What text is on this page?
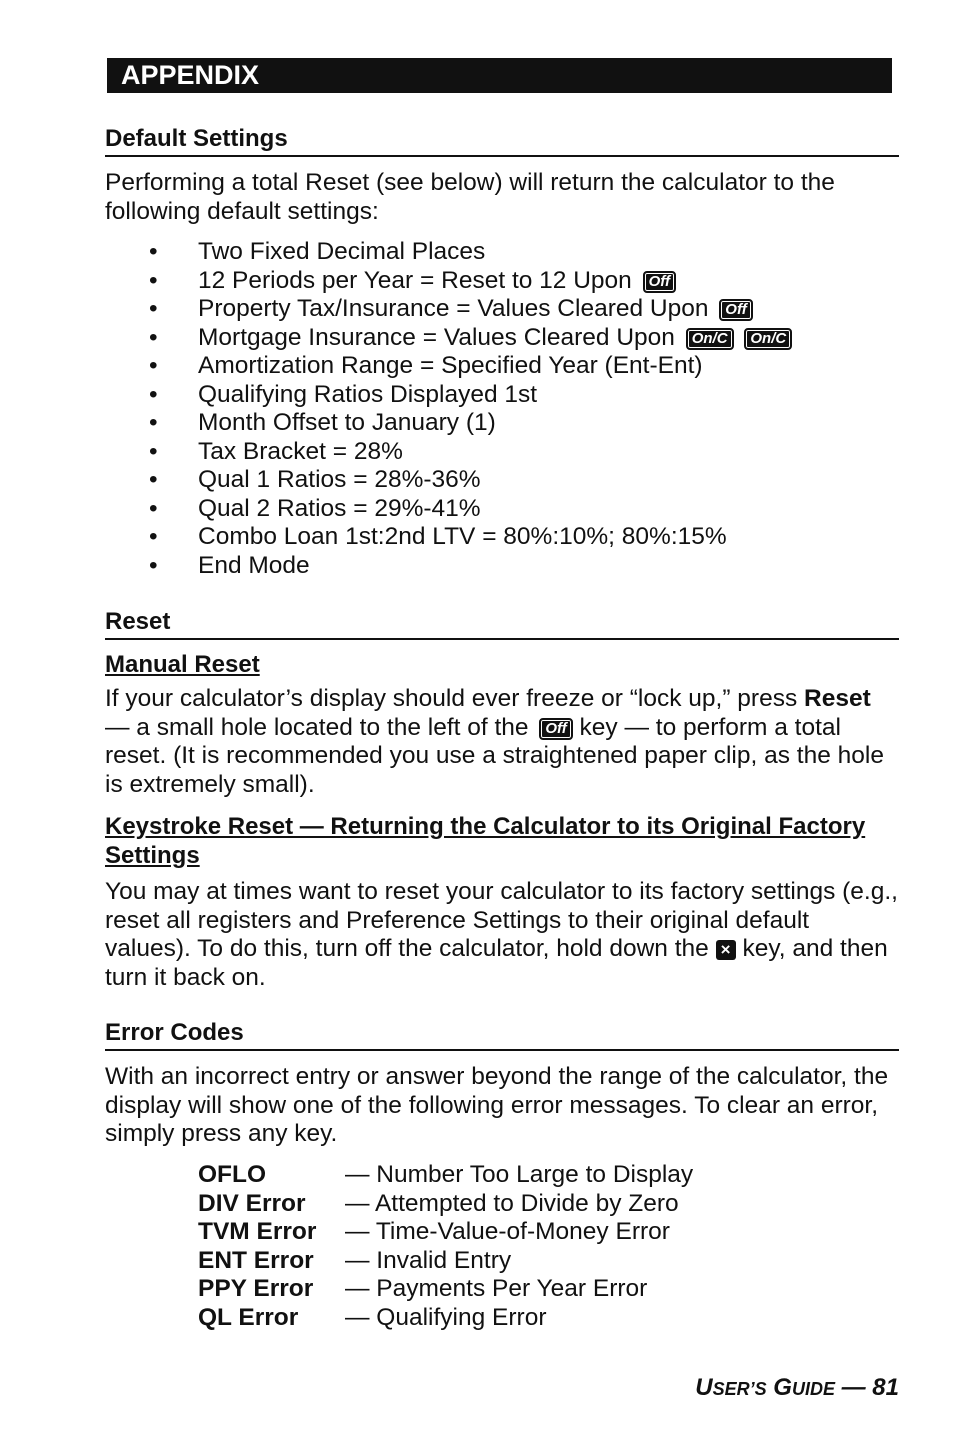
APPENDIX
Default Settings
Performing a total Reset (see below) will return the calculator to the following default settings:
• Two Fixed Decimal Places
• 12 Periods per Year = Reset to 12 Upon Off
• Property Tax/Insurance = Values Cleared Upon Off
• Mortgage Insurance = Values Cleared Upon On/C On/C
• Amortization Range = Specified Year (Ent-Ent)
• Qualifying Ratios Displayed 1st
• Month Offset to January (1)
• Tax Bracket = 28%
• Qual 1 Ratios = 28%-36%
• Qual 2 Ratios = 29%-41%
• Combo Loan 1st:2nd LTV = 80%:10%; 80%:15%
• End Mode
Reset
Manual Reset
If your calculator’s display should ever freeze or “lock up,” press Reset — a small hole located to the left of the Off key — to perform a total reset. (It is recommended you use a straightened paper clip, as the hole is extremely small).
Keystroke Reset — Returning the Calculator to its Original Factory Settings
You may at times want to reset your calculator to its factory settings (e.g., reset all registers and Preference Settings to their original default values). To do this, turn off the calculator, hold down the × key, and then turn it back on.
Error Codes
With an incorrect entry or answer beyond the range of the calculator, the display will show one of the following error messages. To clear an error, simply press any key.
OFLO	— Number Too Large to Display
DIV Error	— Attempted to Divide by Zero
TVM Error	— Time-Value-of-Money Error
ENT Error	— Invalid Entry
PPY Error	— Payments Per Year Error
QL Error	— Qualifying Error
USER’S GUIDE — 81
